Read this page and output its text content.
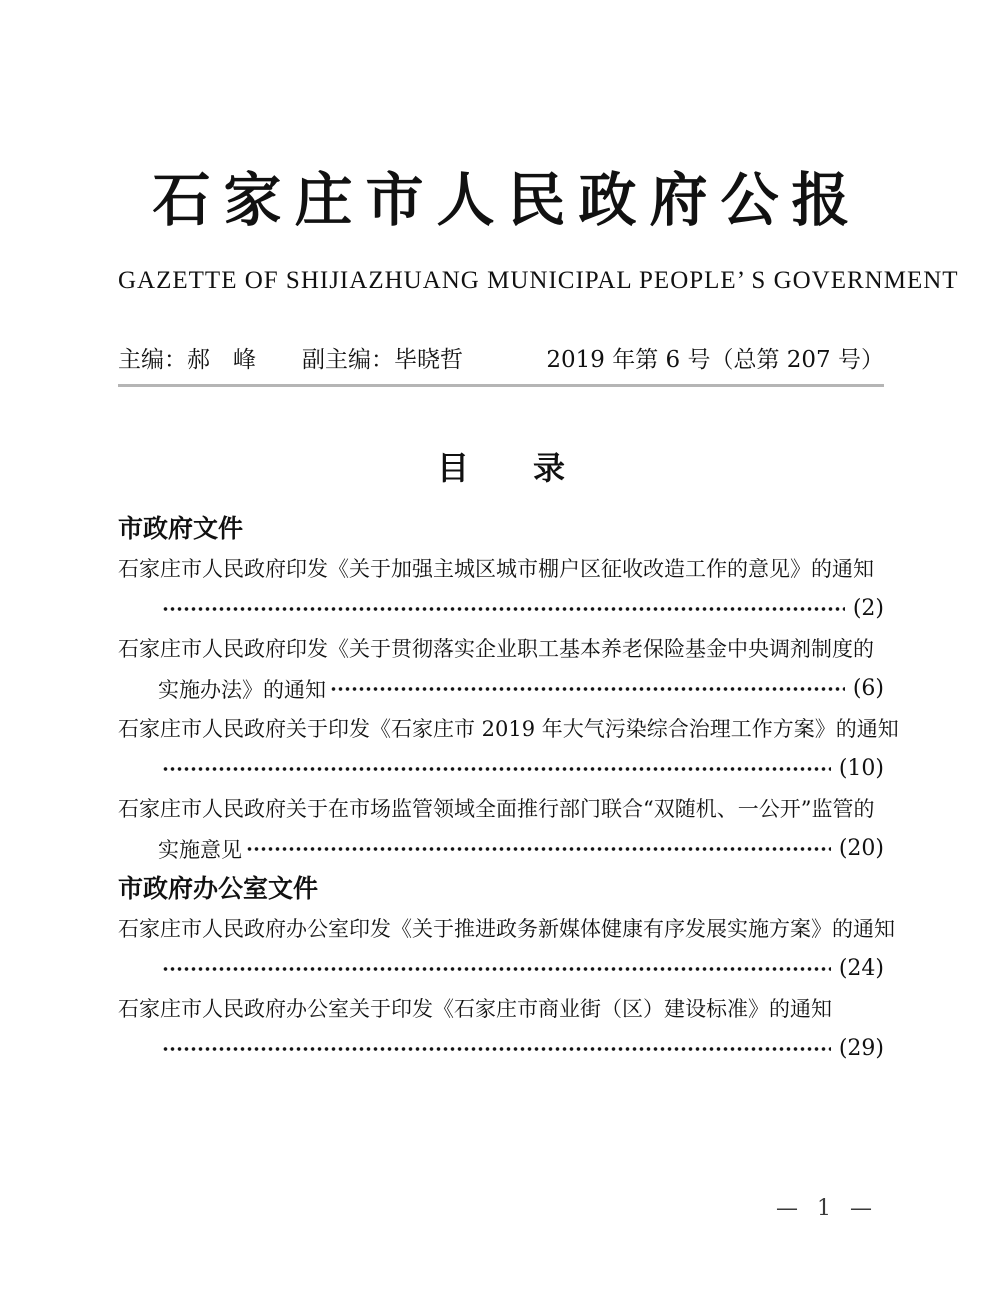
石家庄市人民政府公报
GAZETTE OF SHIJIAZHUANG MUNICIPAL PEOPLE’ S GOVERNMENT
主编：郝　峰　　副主编：毕晓哲	2019 年第 6 号（总第 207 号）
目　　录
市政府文件
石家庄市人民政府印发《关于加强主城区城市棚户区征收改造工作的意见》的通知
(2)
石家庄市人民政府印发《关于贯彻落实企业职工基本养老保险基金中央调剂制度的
实施办法》的通知	(6)
石家庄市人民政府关于印发《石家庄市 2019 年大气污染综合治理工作方案》的通知
(10)
石家庄市人民政府关于在市场监管领域全面推行部门联合“双随机、一公开”监管的
实施意见	(20)
市政府办公室文件
石家庄市人民政府办公室印发《关于推进政务新媒体健康有序发展实施方案》的通知
(24)
石家庄市人民政府办公室关于印发《石家庄市商业街（区）建设标准》的通知
(29)
— 1 —
